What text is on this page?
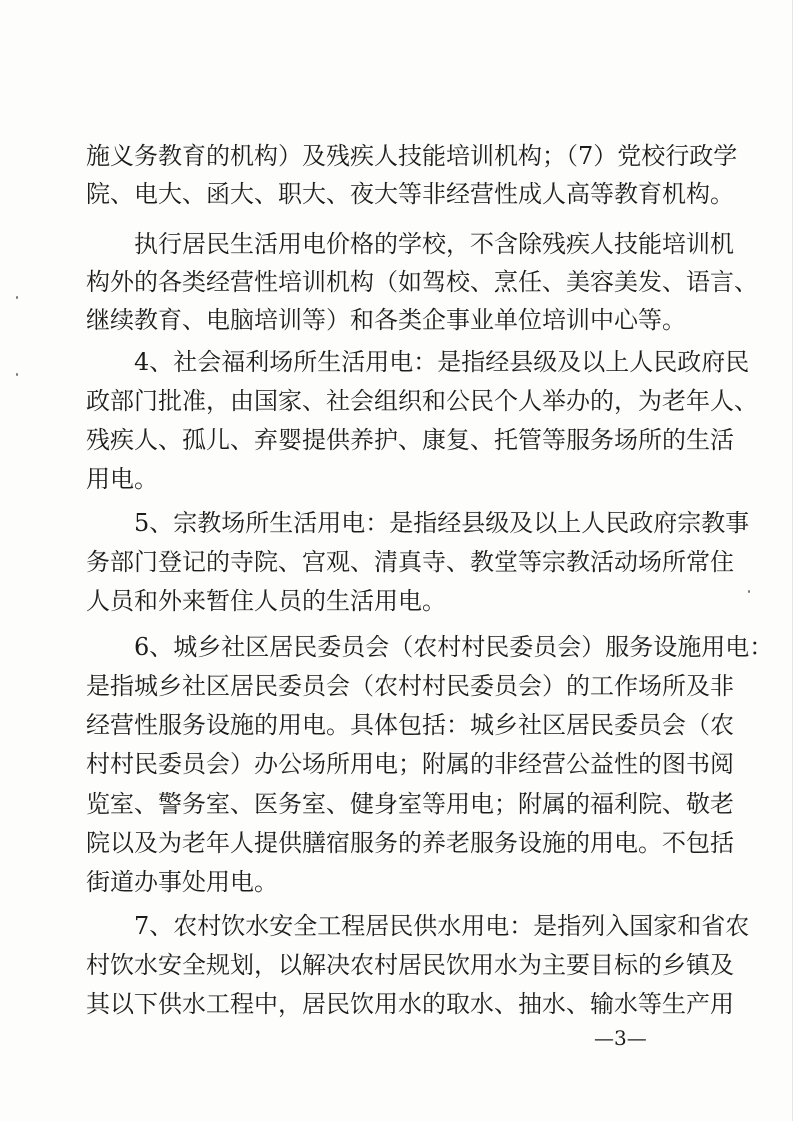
施义务教育的机构）及残疾人技能培训机构；（7）党校行政学
院、电大、函大、职大、夜大等非经营性成人高等教育机构。
执行居民生活用电价格的学校，不含除残疾人技能培训机
构外的各类经营性培训机构（如驾校、烹任、美容美发、语言、
继续教育、电脑培训等）和各类企事业单位培训中心等。
4、社会福利场所生活用电：是指经县级及以上人民政府民
政部门批准，由国家、社会组织和公民个人举办的，为老年人、
残疾人、孤儿、弃婴提供养护、康复、托管等服务场所的生活
用电。
5、宗教场所生活用电：是指经县级及以上人民政府宗教事
务部门登记的寺院、宫观、清真寺、教堂等宗教活动场所常住
人员和外来暂住人员的生活用电。
6、城乡社区居民委员会（农村村民委员会）服务设施用电：
是指城乡社区居民委员会（农村村民委员会）的工作场所及非
经营性服务设施的用电。具体包括：城乡社区居民委员会（农
村村民委员会）办公场所用电；附属的非经营公益性的图书阅
览室、警务室、医务室、健身室等用电；附属的福利院、敬老
院以及为老年人提供膳宿服务的养老服务设施的用电。不包括
街道办事处用电。
7、农村饮水安全工程居民供水用电：是指列入国家和省农
村饮水安全规划，以解决农村居民饮用水为主要目标的乡镇及
其以下供水工程中，居民饮用水的取水、抽水、输水等生产用
—3—
